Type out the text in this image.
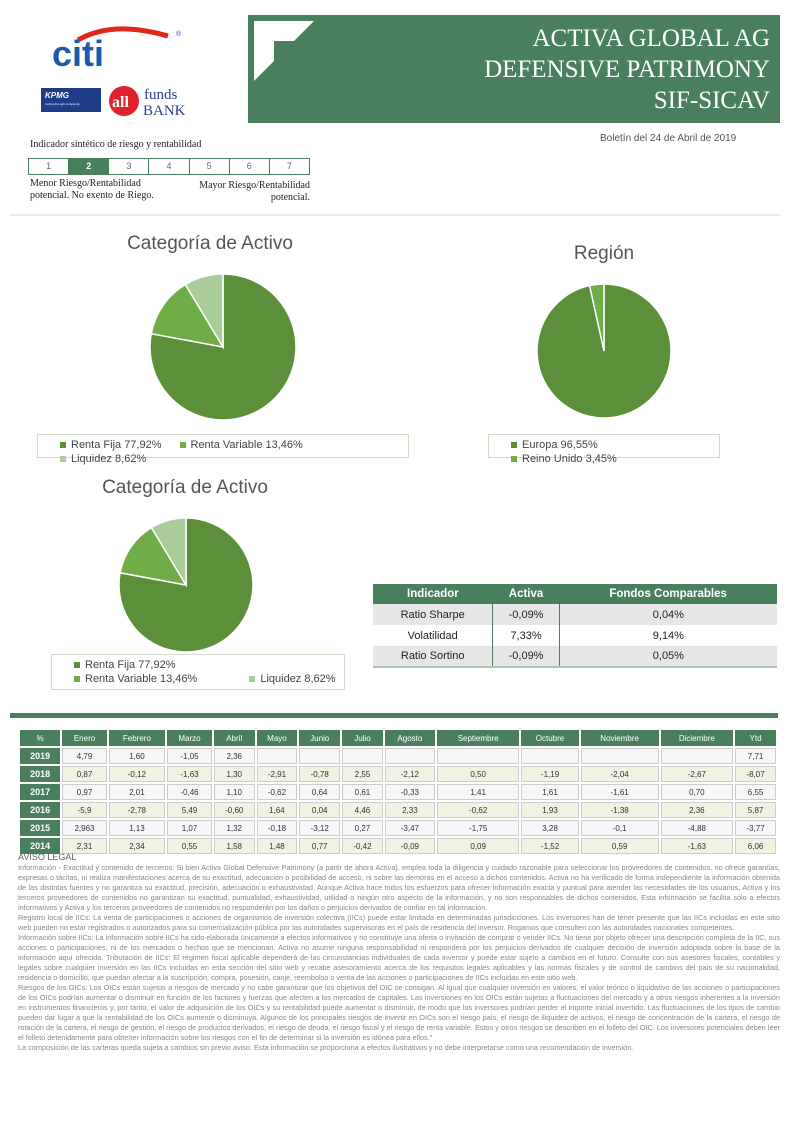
citi	®
KPMG
cutting through complexity	all funds
BANK
ACTIVA GLOBAL AG
DEFENSIVE PATRIMONY
SIF-SICAV
Boletín del 24 de Abril de 2019
Indicador sintético de riesgo y rentabilidad
1	2	3	4	5	6	7
Menor Riesgo/Rentabilidad
potencial. No exento de Riego.
Mayor Riesgo/Rentabilidad
potencial.
Categoría de Activo
Renta Fija 77,92%	Renta Variable 13,46%
Liquidez 8,62%
Región
Europa 96,55%
Reino Unido 3,45%
Categoría de Activo
Renta Fija 77,92%
Renta Variable 13,46%	Liquidez 8,62%
Indicador	Activa	Fondos Comparables
Ratio Sharpe	-0,09%	0,04%
Volatilidad	7,33%	9,14%
Ratio Sortino	-0,09%	0,05%
%	Enero	Febrero	Marzo	Abril	Mayo	Junio	Julio	Agosto	Septiembre	Octubre	Noviembre	Diciembre	Ytd
2019	4,79	1,60	-1,05	2,36									7,71
2018	0,87	-0,12	-1,63	1,30	-2,91	-0,78	2,55	-2,12	0,50	-1,19	-2,04	-2,67	-8,07
2017	0,97	2,01	-0,46	1,10	-0,62	0,64	0,61	-0,33	1,41	1,61	-1,61	0,70	6,55
2016	-5,9	-2,78	5,49	-0,60	1,64	0,04	4,46	2,33	-0,62	1,93	-1,38	2,36	5,87
2015	2,963	1,13	1,07	1,32	-0,18	-3,12	0,27	-3,47	-1,75	3,28	-0,1	-4,88	-3,77
2014	2,31	2,34	0,55	1,58	1,48	0,77	-0,42	-0,09	0,09	-1,52	0,59	-1,63	6,06
AVISO LEGAL

Información - Exactitud y contenido de terceros: Si bien Activa Global Defensive Patrimony (a partir de ahora Activa), emplea toda la diligencia y cuidado razonable para seleccionar los proveedores de contenidos, no ofrece garantías, expresas o tácitas, ni realiza manifestaciones acerca de su exactitud, adecuación o posibilidad de acceso, ni sobre las demoras en el acceso a dichos contenidos. Activa no ha verificado de forma independiente la información obtenida de las distintas fuentes y no garantiza su exactitud, precisión, adecuación o exhaustividad. Aunque Activa hace todos los esfuerzos para ofrecer información exacta y puntual para atender las necesidades de los usuarios, Activa y los terceros proveedores de contenidos no garantizan su exactitud, puntualidad, exhaustividad, utilidad o ningún otro aspecto de la información, y no son responsables de dichos contenidos. Esta información se facilita sólo a efectos informativos y Activa y los terceros proveedores de contenidos no responderán por los daños o perjuicios derivados de confiar en tal información.

Registro local de IICs: La venta de participaciones o acciones de organismos de inversión colectiva (IICs) puede estar limitada en determinadas jurisdicciones. Los inversores han de tener presente que las IICs incluidas en este sitio web pueden no estar registrados o autorizados para su comercialización pública por las autoridades supervisoras en el país de residencia del inversor. Rogamos que consulten con las autoridades nacionales competentes.

Información sobre IICs: La información sobre IICs ha sido elaborada únicamente a efectos informativos y no constituye una oferta o invitación de comprar o vender IICs. No tiene por objeto ofrecer una descripción completa de la IIC, sus acciones o participaciones, ni de los mercados o hechos que se mencionan. Activa no asume ninguna responsabilidad ni responderá por los perjuicios derivados de cualquier decisión de inversión adoptada sobre la base de la información aquí ofrecida. Tributación de IICs: El régimen fiscal aplicable dependerá de las circunstancias individuales de cada inversor y puede estar sujeto a cambios en el futuro. Consulte con sus asesores fiscales, contables y legales sobre cualquier inversión en las IICs incluidas en esta sección del sitio web y recabe asesoramiento acerca de los requisitos legales aplicables y las normas fiscales y de control de cambios del país de su nacionalidad, residencia o domicilio, que puedan afectar a la suscripción, compra, posesión, canje, reembolso o venta de las acciones o participaciones de IICs incluidas en este sitio web.

Riesgos de los OICs: Los OICs están sujetos a riesgos de mercado y no cabe garantizar que los objetivos del OIC se consigan. Al igual que cualquier inversión en valores, el valor teórico o liquidativo de las acciones o participaciones de los OICs podrían aumentar o disminuir en función de los factores y fuerzas que afecten a los mercados de capitales. Las inversiones en los OICs están sujetas a fluctuaciones del mercado y a otros riesgos inherentes a la inversión en instrumentos financieros y, por tanto, el valor de adquisición de los OICs y su rentabilidad puede aumentar o disminuir, de modo que los inversores podrían perder el importe inicial invertido. Las fluctuaciones de los tipos de cambio pueden dar lugar a que la rentabilidad de los OICs aumente o disminuya. Algunos de los principales riesgos de invertir en OICs son el riesgo país, el riesgo de iliquidez de activos, el riesgo de concentración de la cartera, el riesgo de rotación de la cartera, el riesgo de gestión, el riesgo de productos derivados, el riesgo de deuda, el riesgo fiscal y el riesgo de renta variable. Estos y otros riesgos se describen en el folleto del OIC. Los inversores potenciales deben leer el folleto detenidamente para obtener información sobre los riesgos con el fin de determinar si la inversión es idónea para ellos."

La composición de las carteras queda sujeta a cambios sin previo aviso. Esta información se proporciona a efectos ilustrativos y no debe interpretarse como una recomendación de inversión.
